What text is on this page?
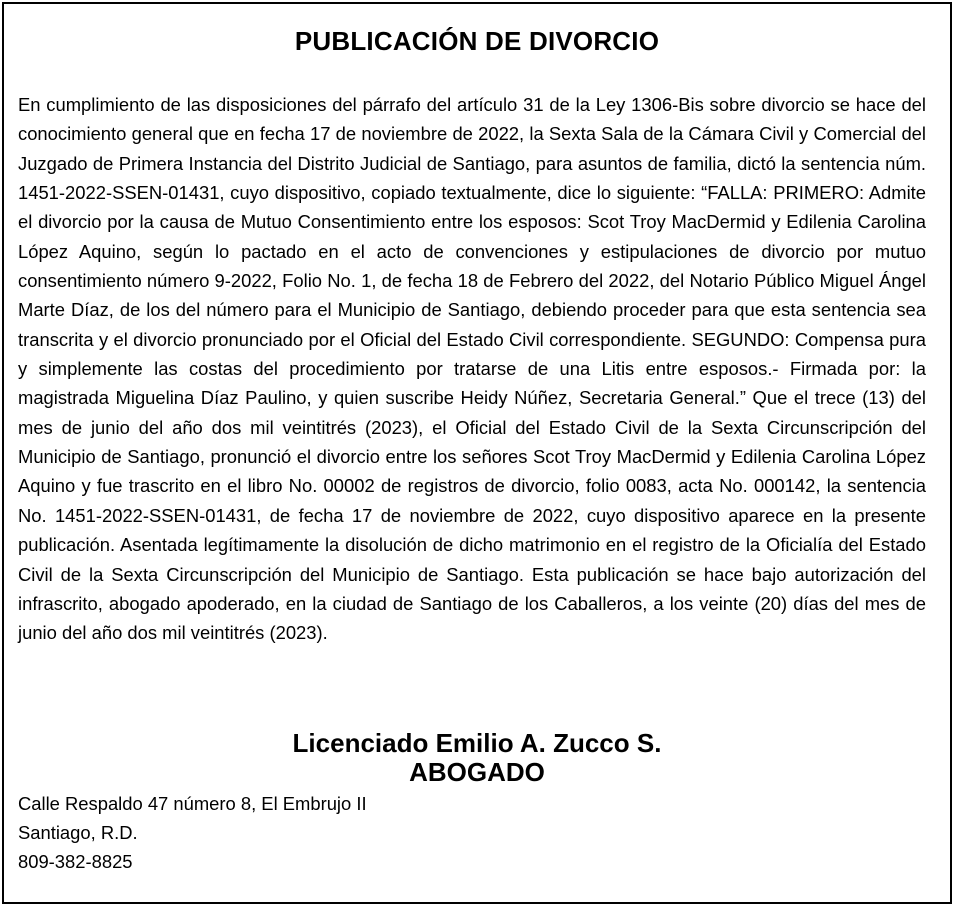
PUBLICACIÓN DE DIVORCIO

En cumplimiento de las disposiciones del párrafo del artículo 31 de la Ley 1306-Bis sobre divorcio se hace del conocimiento general que en fecha 17 de noviembre de 2022, la Sexta Sala de la Cámara Civil y Comercial del Juzgado de Primera Instancia del Distrito Judicial de Santiago, para asuntos de familia, dictó la sentencia núm. 1451-2022-SSEN-01431, cuyo dispositivo, copiado textualmente, dice lo siguiente: “FALLA: PRIMERO: Admite el divorcio por la causa de Mutuo Consentimiento entre los esposos: Scot Troy MacDermid y Edilenia Carolina López Aquino, según lo pactado en el acto de convenciones y estipulaciones de divorcio por mutuo consentimiento número 9-2022, Folio No. 1, de fecha 18 de Febrero del 2022, del Notario Público Miguel Ángel Marte Díaz, de los del número para el Municipio de Santiago, debiendo proceder para que esta sentencia sea transcrita y el divorcio pronunciado por el Oficial del Estado Civil correspondiente. SEGUNDO: Compensa pura y simplemente las costas del procedimiento por tratarse de una Litis entre esposos.- Firmada por: la magistrada Miguelina Díaz Paulino, y quien suscribe Heidy Núñez, Secretaria General.” Que el trece (13) del mes de junio del año dos mil veintitrés (2023), el Oficial del Estado Civil de la Sexta Circunscripción del Municipio de Santiago, pronunció el divorcio entre los señores Scot Troy MacDermid y Edilenia Carolina López Aquino y fue trascrito en el libro No. 00002 de registros de divorcio, folio 0083, acta No. 000142, la sentencia No. 1451-2022-SSEN-01431, de fecha 17 de noviembre de 2022, cuyo dispositivo aparece en la presente publicación. Asentada legítimamente la disolución de dicho matrimonio en el registro de la Oficialía del Estado Civil de la Sexta Circunscripción del Municipio de Santiago. Esta publicación se hace bajo autorización del infrascrito, abogado apoderado, en la ciudad de Santiago de los Caballeros, a los veinte (20) días del mes de junio del año dos mil veintitrés (2023).

Licenciado Emilio A. Zucco S.
ABOGADO
Calle Respaldo 47 número 8, El Embrujo II
Santiago, R.D.
809-382-8825
